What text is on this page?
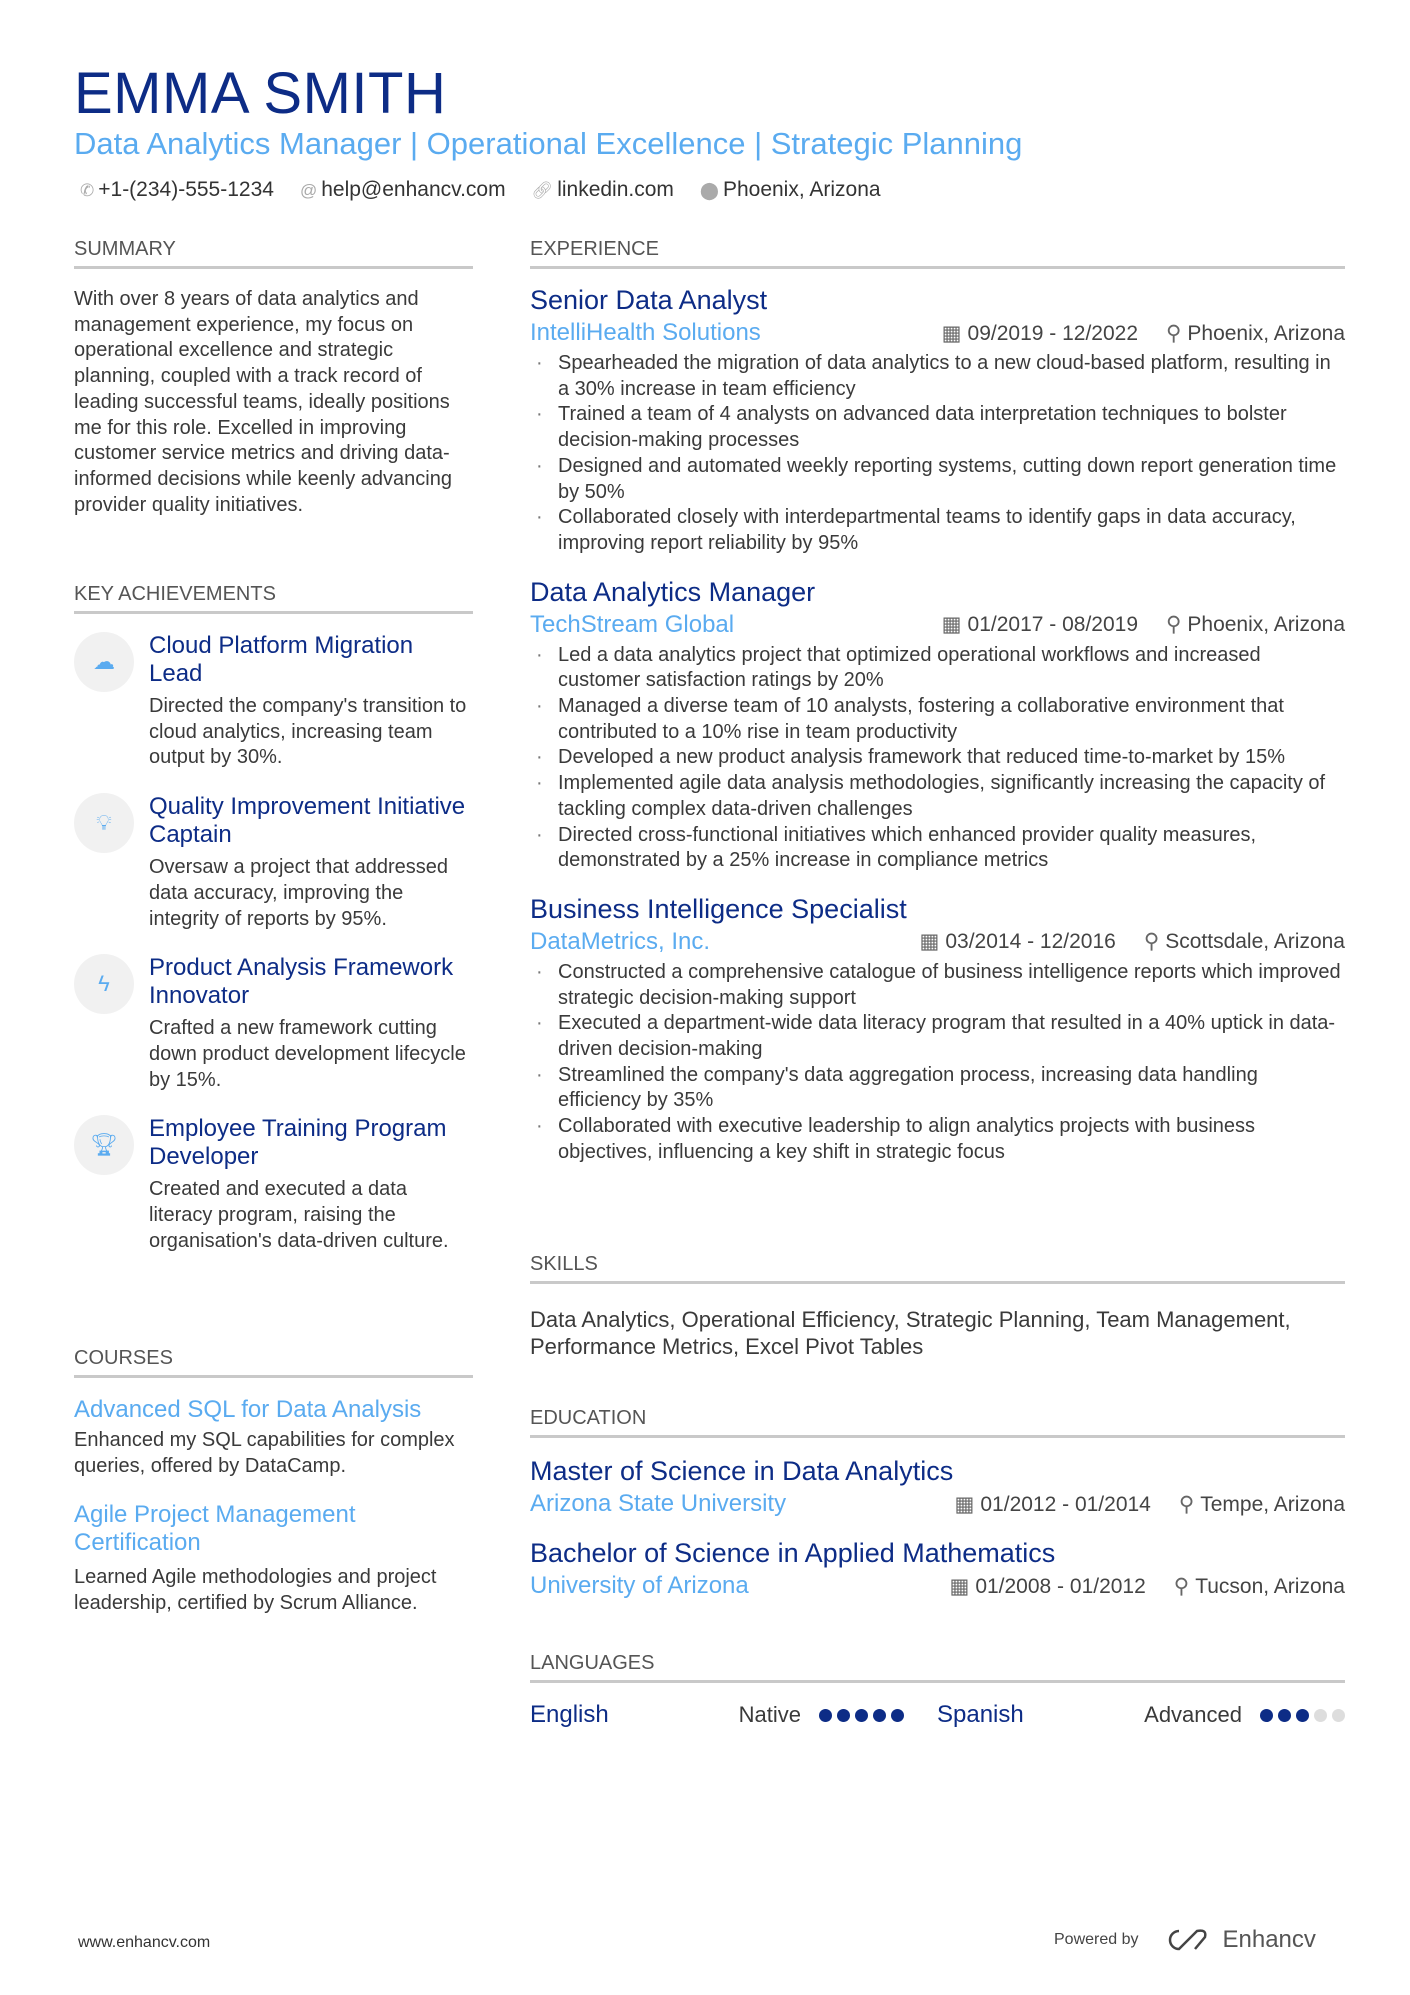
EMMA SMITH
Data Analytics Manager | Operational Excellence | Strategic Planning
✆ +1-(234)-555-1234 @ help@enhancv.com 🔗︎ linkedin.com ⬤ Phoenix, Arizona
SUMMARY
With over 8 years of data analytics and management experience, my focus on operational excellence and strategic planning, coupled with a track record of leading successful teams, ideally positions me for this role. Excelled in improving customer service metrics and driving data-informed decisions while keenly advancing provider quality initiatives.
KEY ACHIEVEMENTS
☁
Cloud Platform Migration Lead
Directed the company's transition to cloud analytics, increasing team output by 30%.
💡︎
Quality Improvement Initiative Captain
Oversaw a project that addressed data accuracy, improving the integrity of reports by 95%.
ϟ
Product Analysis Framework Innovator
Crafted a new framework cutting down product development lifecycle by 15%.
🏆︎
Employee Training Program Developer
Created and executed a data literacy program, raising the organisation's data-driven culture.
COURSES
Advanced SQL for Data Analysis
Enhanced my SQL capabilities for complex queries, offered by DataCamp.
Agile Project Management Certification
Learned Agile methodologies and project leadership, certified by Scrum Alliance.
EXPERIENCE
Senior Data Analyst
IntelliHealth Solutions	▦ 09/2019 - 12/2022 ⚲ Phoenix, Arizona
· Spearheaded the migration of data analytics to a new cloud-based platform, resulting in a 30% increase in team efficiency
· Trained a team of 4 analysts on advanced data interpretation techniques to bolster decision-making processes
· Designed and automated weekly reporting systems, cutting down report generation time by 50%
· Collaborated closely with interdepartmental teams to identify gaps in data accuracy, improving report reliability by 95%
Data Analytics Manager
TechStream Global	▦ 01/2017 - 08/2019 ⚲ Phoenix, Arizona
· Led a data analytics project that optimized operational workflows and increased customer satisfaction ratings by 20%
· Managed a diverse team of 10 analysts, fostering a collaborative environment that contributed to a 10% rise in team productivity
· Developed a new product analysis framework that reduced time-to-market by 15%
· Implemented agile data analysis methodologies, significantly increasing the capacity of tackling complex data-driven challenges
· Directed cross-functional initiatives which enhanced provider quality measures, demonstrated by a 25% increase in compliance metrics
Business Intelligence Specialist
DataMetrics, Inc.	▦ 03/2014 - 12/2016 ⚲ Scottsdale, Arizona
· Constructed a comprehensive catalogue of business intelligence reports which improved strategic decision-making support
· Executed a department-wide data literacy program that resulted in a 40% uptick in data-driven decision-making
· Streamlined the company's data aggregation process, increasing data handling efficiency by 35%
· Collaborated with executive leadership to align analytics projects with business objectives, influencing a key shift in strategic focus
SKILLS
Data Analytics, Operational Efficiency, Strategic Planning, Team Management, Performance Metrics, Excel Pivot Tables
EDUCATION
Master of Science in Data Analytics
Arizona State University	▦ 01/2012 - 01/2014 ⚲ Tempe, Arizona
Bachelor of Science in Applied Mathematics
University of Arizona	▦ 01/2008 - 01/2012 ⚲ Tucson, Arizona
LANGUAGES
English	Native	Spanish	Advanced
www.enhancv.com	Powered by	Enhancv
